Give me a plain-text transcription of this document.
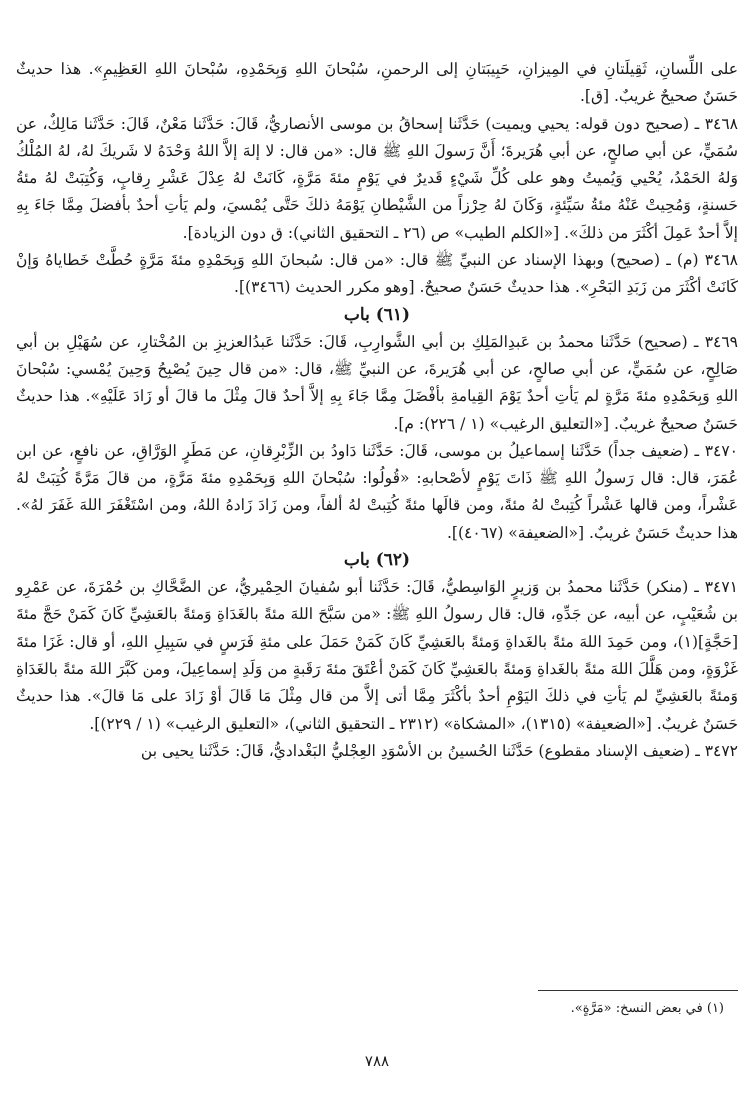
على اللِّسانِ، ثَقِيلَتانِ في المِيزانِ، حَبِيبَتانِ إلى الرحمنِ، سُبْحانَ اللهِ وَبِحَمْدِهِ، سُبْحانَ اللهِ العَظِيمِ». هذا حديثٌ حَسَنٌ صحيحٌ غريبٌ. [ق].

٣٤٦٨ ـ (صحيح دون قوله: يحيي ويميت) حَدَّثَنا إسحاقُ بن موسى الأنصاريُّ، قَالَ: حَدَّثَنا مَعْنٌ، قَالَ: حَدَّثَنا مَالِكٌ، عن سُمَيٍّ، عن أبي صالحٍ، عن أبي هُرَيرةَ؛ أَنَّ رَسولَ اللهِ ﷺ قال: «من قال: لا إلهَ إلاَّ اللهُ وَحْدَهُ لا شَريكَ لهُ، لهُ المُلْكُ وَلهُ الحَمْدُ، يُحْيي وَيُميتُ وهو على كُلِّ شَيْءٍ قَديرٌ في يَوْمٍ مئةَ مَرَّةٍ، كَانَتْ لهُ عِدْلَ عَشْرِ رِقابٍ، وَكُتِبَتْ لهُ مئةُ حَسنةٍ، وَمُحِيتْ عَنْهُ مئةُ سَيِّئةٍ، وَكَانَ لهُ حِرْزاً من الشَّيْطانِ يَوْمَهُ ذلكَ حَتَّى يُمْسيَ، ولم يَأتِ أحدٌ بأفضلَ مِمَّا جَاءَ بِهِ إلاَّ أحدٌ عَمِلَ أكْثَرَ من ذلكَ». [«الكلم الطيب» ص (٢٦ ـ التحقيق الثاني): ق دون الزيادة].

٣٤٦٨ (م) ـ (صحيح) وبهذا الإسناد عن النبيِّ ﷺ قال: «من قال: سُبحانَ اللهِ وَبِحَمْدِهِ مئةَ مَرَّةٍ حُطَّتْ خَطاياهُ وَإنْ كَانَتْ أكْثَرَ من زَبَدِ البَحْرِ». هذا حديثٌ حَسَنٌ صحيحٌ. [وهو مكرر الحديث (٣٤٦٦)].

(٦١) باب

٣٤٦٩ ـ (صحيح) حَدَّثَنا محمدُ بن عَبدِالمَلِكِ بن أبي الشَّوارِبِ، قَالَ: حَدَّثَنا عَبدُالعزيزِ بن المُخْتارِ، عن سُهَيْلِ بن أبي صَالِحٍ، عن سُمَيٍّ، عن أبي صالحٍ، عن أبي هُرَيرةَ، عن النبيِّ ﷺ، قال: «من قال حِينَ يُصْبِحُ وَحِينَ يُمْسي: سُبْحانَ اللهِ وَبِحَمْدِهِ مئةَ مَرَّةٍ لم يَأتِ أحدٌ يَوْمَ القِيامةِ بأفْضَلَ مِمَّا جَاءَ بِهِ إلاَّ أحدٌ قالَ مِثْلَ ما قالَ أو زَادَ عَلَيْهِ». هذا حديثٌ حَسَنٌ صحيحٌ غريبٌ. [«التعليق الرغيب» (١ / ٢٢٦): م].

٣٤٧٠ ـ (ضعيف جداً) حَدَّثَنا إسماعيلُ بن موسى، قَالَ: حَدَّثَنا دَاودُ بن الزِّبْرِقانِ، عن مَطَرٍ الوَرَّاقِ، عن نافعٍ، عن ابن عُمَرَ، قال: قال رَسولُ اللهِ ﷺ ذَاتَ يَوْمٍ لأصْحابهِ: «قُولُوا: سُبْحانَ اللهِ وَبِحَمْدِهِ مئةَ مَرَّةٍ، من قالَ مَرَّةً كُتِبَتْ لهُ عَشْراً، ومن قالها عَشْراً كُتِبتْ لهُ مئةً، ومن قالَها مئةً كُتِبتْ لهُ ألفاً، ومن زَادَ زَادهُ اللهُ، ومن اسْتَغْفَرَ اللهَ غَفَرَ لهُ». هذا حديثٌ حَسَنٌ غريبٌ. [«الضعيفة» (٤٠٦٧)].

(٦٢) باب

٣٤٧١ ـ (منكر) حَدَّثَنا محمدُ بن وَزيرٍ الوَاسِطيُّ، قَالَ: حَدَّثَنا أبو سُفيانَ الحِمْيريُّ، عن الضَّحَّاكِ بن حُمْرَةَ، عن عَمْرِو بن شُعَيْبٍ، عن أبيه، عن جَدِّهِ، قال: قال رسولُ اللهِ ﷺ: «من سَبَّحَ اللهَ مئةً بالغَدَاةِ وَمئةً بالعَشِيِّ كَانَ كَمَنْ حَجَّ مئةَ [حَجَّةٍ](١)، ومن حَمِدَ اللهَ مئةً بالغَداةِ وَمئةً بالعَشِيِّ كَانَ كَمَنْ حَمَلَ على مئةِ فَرَسٍ في سَبِيلِ اللهِ، أو قال: غَزَا مئةَ غَزْوَةٍ، ومن هَلَّلَ اللهَ مئةً بالغَداةِ وَمئةً بالعَشِيِّ كَانَ كَمَنْ أعْتَقَ مئةَ رَقَبةٍ من وَلَدِ إسماعِيلَ، ومن كَبَّرَ اللهَ مئةً بالغَدَاةِ وَمئةً بالعَشِيِّ لم يَأتِ في ذلكَ اليَوْمِ أحدٌ بأكْثَرَ مِمَّا أتى إلاَّ من قال مِثْلَ مَا قَالَ أوْ زَادَ على مَا قالَ». هذا حديثٌ حَسَنٌ غريبٌ. [«الضعيفة» (١٣١٥)، «المشكاة» (٢٣١٢ ـ التحقيق الثاني)، «التعليق الرغيب» (١ / ٢٢٩)].

٣٤٧٢ ـ (ضعيف الإسناد مقطوع) حَدَّثَنا الحُسينُ بن الأسْوَدِ العِجْليُّ البَغْداديُّ، قَالَ: حَدَّثَنا يحيى بن

(١) في بعض النسخ: «مَرَّةٍ».

٧٨٨
